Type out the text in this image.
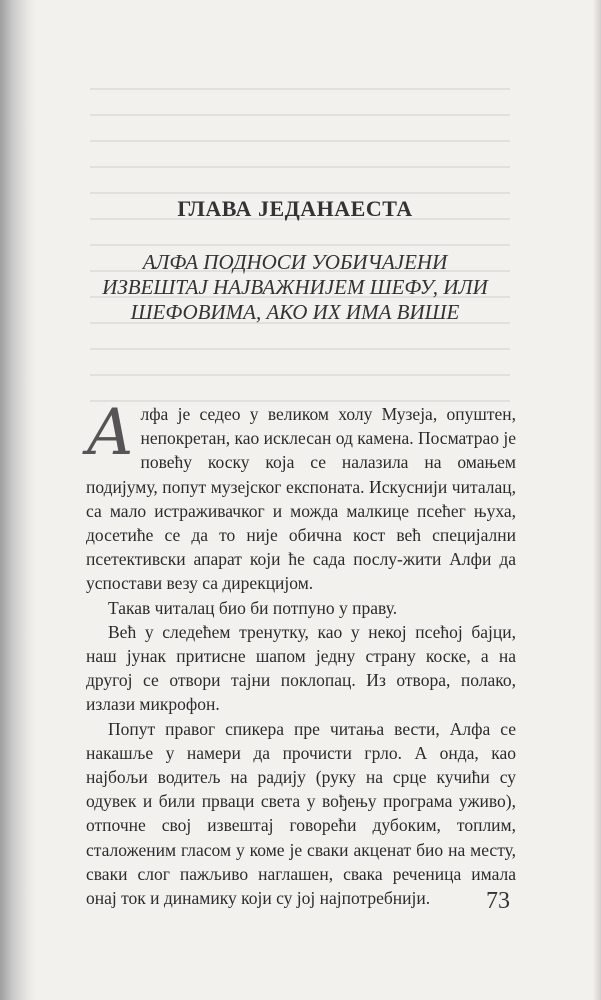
ГЛАВА ЈЕДАНАЕСТА
АЛФА ПОДНОСИ УОБИЧАЈЕНИ ИЗВЕШТАЈ НАЈВАЖНИЈЕМ ШЕФУ, ИЛИ ШЕФОВИМА, АКО ИХ ИМА ВИШЕ

Алфа је седео у великом холу Музеја, опуштен, непокретан, као исклесан од камена. Посматрао је повећу коску која се налазила на омањем подијуму, попут музејског експоната. Искуснији читалац, са мало истраживачког и можда малкице псећег њуха, досетиће се да то није обична кост већ специјални псетективски апарат који ће сада послу-жити Алфи да успостави везу са дирекцијом.

Такав читалац био би потпуно у праву.

Већ у следећем тренутку, као у некој псећој бајци, наш јунак притисне шапом једну страну коске, а на другој се отвори тајни поклопац. Из отвора, полако, излази микрофон.

Попут правог спикера пре читања вести, Алфа се накашље у намери да прочисти грло. А онда, као најбољи водитељ на радију (руку на срце кучићи су одувек и били прваци света у вођењу програма уживо), отпочне свој извештај говорећи дубоким, топлим, сталоженим гласом у коме је сваки акценат био на месту, сваки слог пажљиво наглашен, свака реченица имала онај ток и динамику који су јој најпотребнији.	73
